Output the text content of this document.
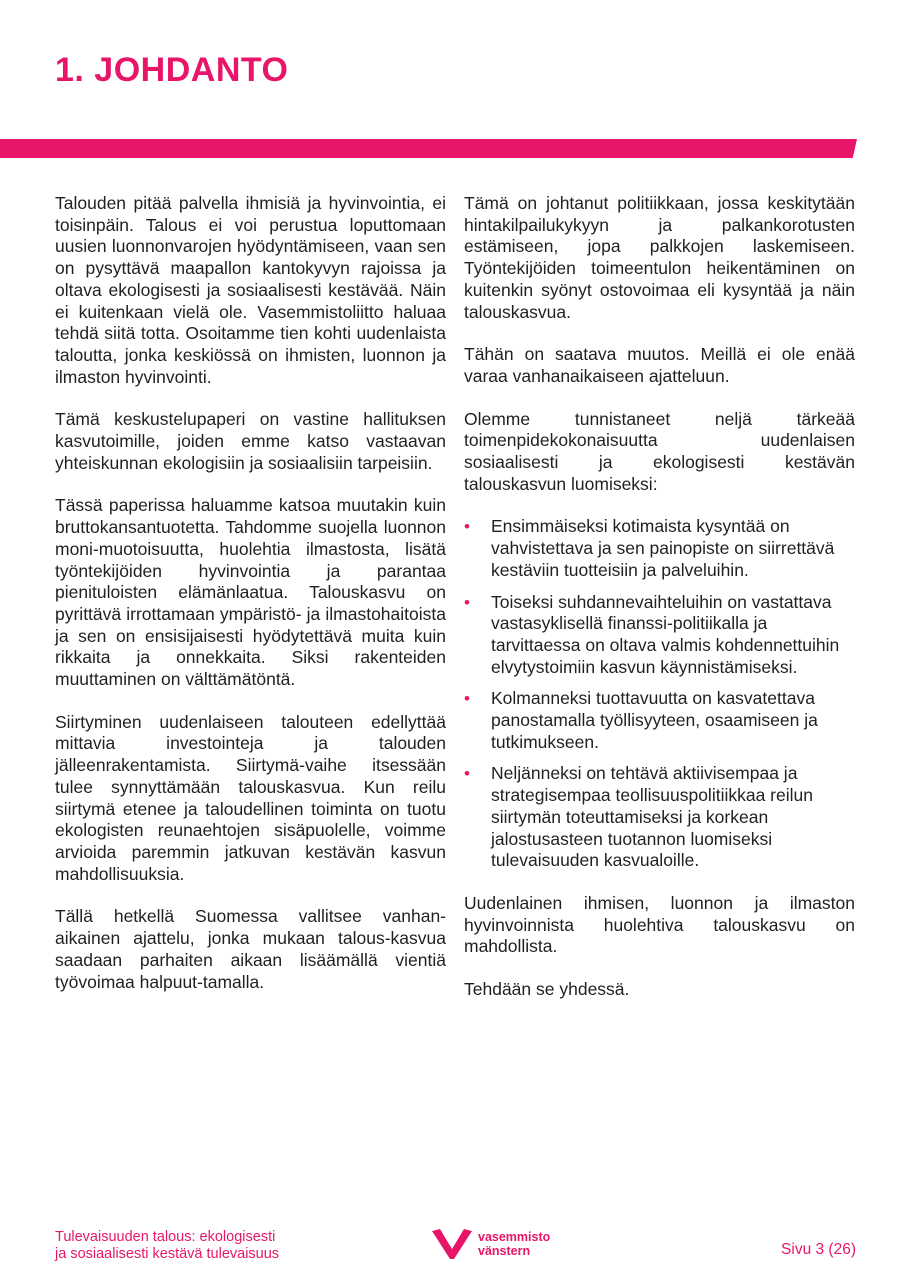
1. JOHDANTO

Talouden pitää palvella ihmisiä ja hyvinvointia, ei toisinpäin. Talous ei voi perustua loputtomaan uusien luonnonvarojen hyödyntämiseen, vaan sen on pysyttävä maapallon kantokyvyn rajoissa ja oltava ekologisesti ja sosiaalisesti kestävää. Näin ei kuitenkaan vielä ole. Vasemmistoliitto haluaa tehdä siitä totta. Osoitamme tien kohti uudenlaista taloutta, jonka keskiössä on ihmisten, luonnon ja ilmaston hyvinvointi.

Tämä keskustelupaperi on vastine hallituksen kasvutoimille, joiden emme katso vastaavan yhteiskunnan ekologisiin ja sosiaalisiin tarpeisiin.

Tässä paperissa haluamme katsoa muutakin kuin bruttokansantuotetta. Tahdomme suojella luonnon moni-muotoisuutta, huolehtia ilmastosta, lisätä työntekijöiden hyvinvointia ja parantaa pienituloisten elämänlaatua. Talouskasvu on pyrittävä irrottamaan ympäristö- ja ilmastohaitoista ja sen on ensisijaisesti hyödytettävä muita kuin rikkaita ja onnekkaita. Siksi rakenteiden muuttaminen on välttämätöntä.

Siirtyminen uudenlaiseen talouteen edellyttää mittavia investointeja ja talouden jälleenrakentamista. Siirtymä-vaihe itsessään tulee synnyttämään talouskasvua. Kun reilu siirtymä etenee ja taloudellinen toiminta on tuotu ekologisten reunaehtojen sisäpuolelle, voimme arvioida paremmin jatkuvan kestävän kasvun mahdollisuuksia.

Tällä hetkellä Suomessa vallitsee vanhan-aikainen ajattelu, jonka mukaan talous-kasvua saadaan parhaiten aikaan lisäämällä vientiä työvoimaa halpuut-tamalla.

Tämä on johtanut politiikkaan, jossa keskitytään hintakilpailukykyyn ja palkankorotusten estämiseen, jopa palkkojen laskemiseen. Työntekijöiden toimeentulon heikentäminen on kuitenkin syönyt ostovoimaa eli kysyntää ja näin talouskasvua.

Tähän on saatava muutos. Meillä ei ole enää varaa vanhanaikaiseen ajatteluun.

Olemme tunnistaneet neljä tärkeää toimenpidekokonaisuutta uudenlaisen sosiaalisesti ja ekologisesti kestävän talouskasvun luomiseksi:

• Ensimmäiseksi kotimaista kysyntää on vahvistettava ja sen painopiste on siirrettävä kestäviin tuotteisiin ja palveluihin.
• Toiseksi suhdannevaihteluihin on vastattava vastasyklisellä finanssi-politiikalla ja tarvittaessa on oltava valmis kohdennettuihin elvytystoimiin kasvun käynnistämiseksi.
• Kolmanneksi tuottavuutta on kasvatettava panostamalla työllisyyteen, osaamiseen ja tutkimukseen.
• Neljänneksi on tehtävä aktiivisempaa ja strategisempaa teollisuuspolitiikkaa reilun siirtymän toteuttamiseksi ja korkean jalostusasteen tuotannon luomiseksi tulevaisuuden kasvualoille.

Uudenlainen ihmisen, luonnon ja ilmaston hyvinvoinnista huolehtiva talouskasvu on mahdollista.

Tehdään se yhdessä.

Tulevaisuuden talous: ekologisesti
ja sosiaalisesti kestävä tulevaisuus
vasemmisto
vänstern	Sivu 3 (26)
